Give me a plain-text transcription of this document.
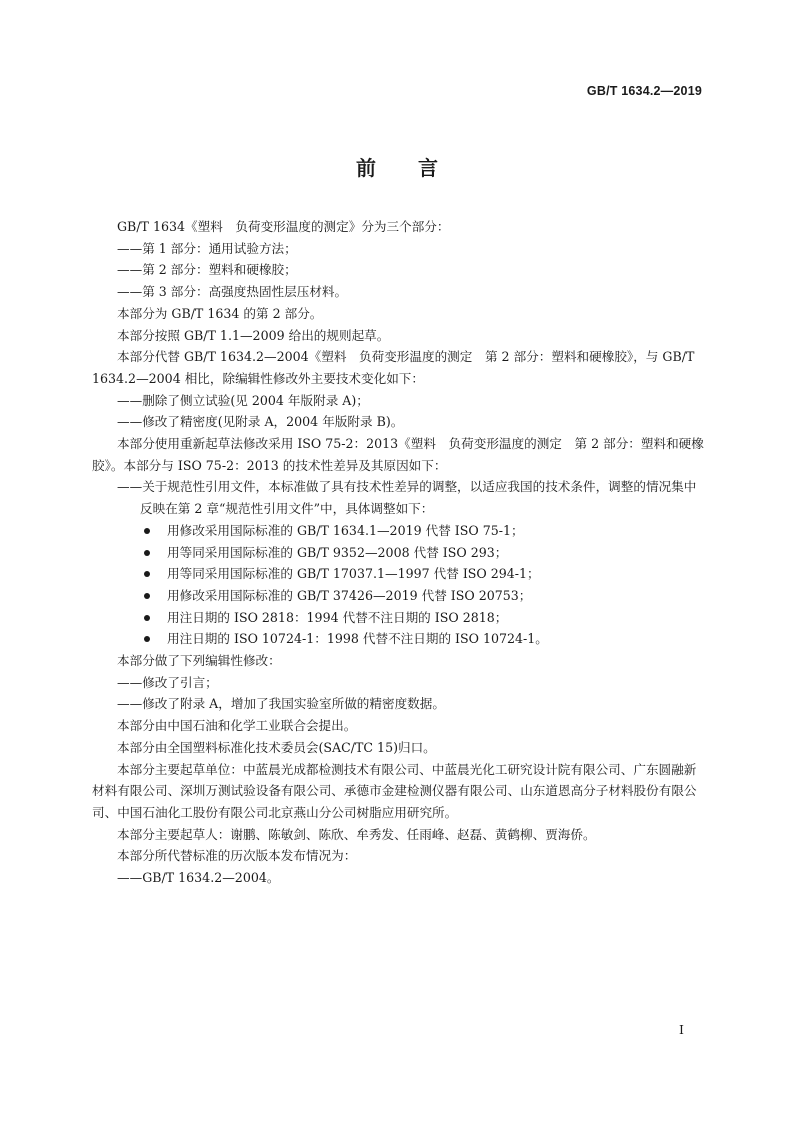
GB/T 1634.2—2019
前言

GB/T 1634《塑料　负荷变形温度的测定》分为三个部分：

——第 1 部分：通用试验方法；

——第 2 部分：塑料和硬橡胶；

——第 3 部分：高强度热固性层压材料。

本部分为 GB/T 1634 的第 2 部分。

本部分按照 GB/T 1.1—2009 给出的规则起草。

本部分代替 GB/T 1634.2—2004《塑料　负荷变形温度的测定　第 2 部分：塑料和硬橡胶》，与 GB/T 1634.2—2004 相比，除编辑性修改外主要技术变化如下：

——删除了侧立试验(见 2004 年版附录 A)；

——修改了精密度(见附录 A，2004 年版附录 B)。

本部分使用重新起草法修改采用 ISO 75-2：2013《塑料　负荷变形温度的测定　第 2 部分：塑料和硬橡胶》。本部分与 ISO 75-2：2013 的技术性差异及其原因如下：

——关于规范性引用文件，本标准做了具有技术性差异的调整，以适应我国的技术条件，调整的情况集中反映在第 2 章“规范性引用文件”中，具体调整如下：

用修改采用国际标准的 GB/T 1634.1—2019 代替 ISO 75-1；

用等同采用国际标准的 GB/T 9352—2008 代替 ISO 293；

用等同采用国际标准的 GB/T 17037.1—1997 代替 ISO 294-1；

用修改采用国际标准的 GB/T 37426—2019 代替 ISO 20753；

用注日期的 ISO 2818：1994 代替不注日期的 ISO 2818；

用注日期的 ISO 10724-1：1998 代替不注日期的 ISO 10724-1。

本部分做了下列编辑性修改：

——修改了引言；

——修改了附录 A，增加了我国实验室所做的精密度数据。

本部分由中国石油和化学工业联合会提出。

本部分由全国塑料标准化技术委员会(SAC/TC 15)归口。

本部分主要起草单位：中蓝晨光成都检测技术有限公司、中蓝晨光化工研究设计院有限公司、广东圆融新材料有限公司、深圳万测试验设备有限公司、承德市金建检测仪器有限公司、山东道恩高分子材料股份有限公司、中国石油化工股份有限公司北京燕山分公司树脂应用研究所。

本部分主要起草人：谢鹏、陈敏剑、陈欣、牟秀发、任雨峰、赵磊、黄鹤柳、贾海侨。

本部分所代替标准的历次版本发布情况为：

——GB/T 1634.2—2004。

I
